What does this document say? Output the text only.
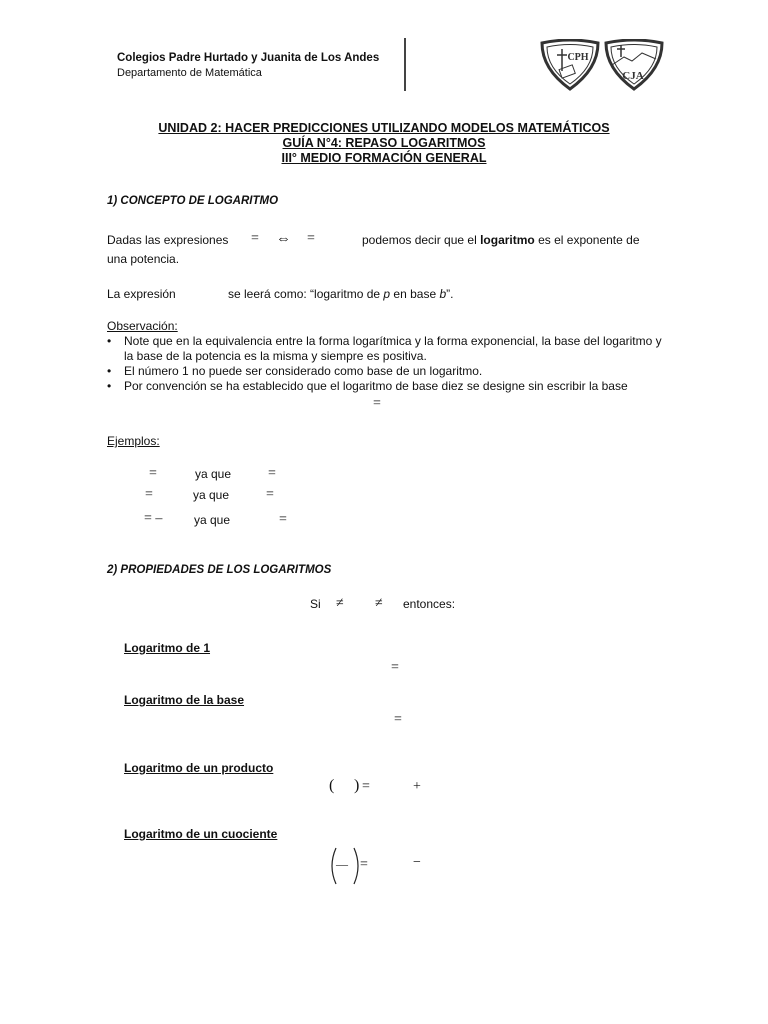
Colegios Padre Hurtado y Juanita de Los Andes
Departamento de Matemática
CPH
CJA
UNIDAD 2: HACER PREDICCIONES UTILIZANDO MODELOS MATEMÁTICOS
GUÍA N°4: REPASO LOGARITMOS
III° MEDIO FORMACIÓN GENERAL
1) CONCEPTO DE LOGARITMO
Dadas las expresiones = ⇔ =	podemos decir que el logaritmo es el exponente de
una potencia.
La expresión	se leerá como: “logaritmo de p en base b”.
Observación:
• Note que en la equivalencia entre la forma logarítmica y la forma exponencial, la base del logaritmo y la base de la potencia es la misma y siempre es positiva.
• El número 1 no puede ser considerado como base de un logaritmo.
• Por convención se ha establecido que el logaritmo de base diez se designe sin escribir la base
=
Ejemplos:
=	ya que	=
=	ya que	=
= –	ya que	=
2) PROPIEDADES DE LOS LOGARITMOS
Si ≠ ≠ entonces:
Logaritmo de 1
=
Logaritmo de la base
=
Logaritmo de un producto
( ) =	+
Logaritmo de un cuociente
— =	−
